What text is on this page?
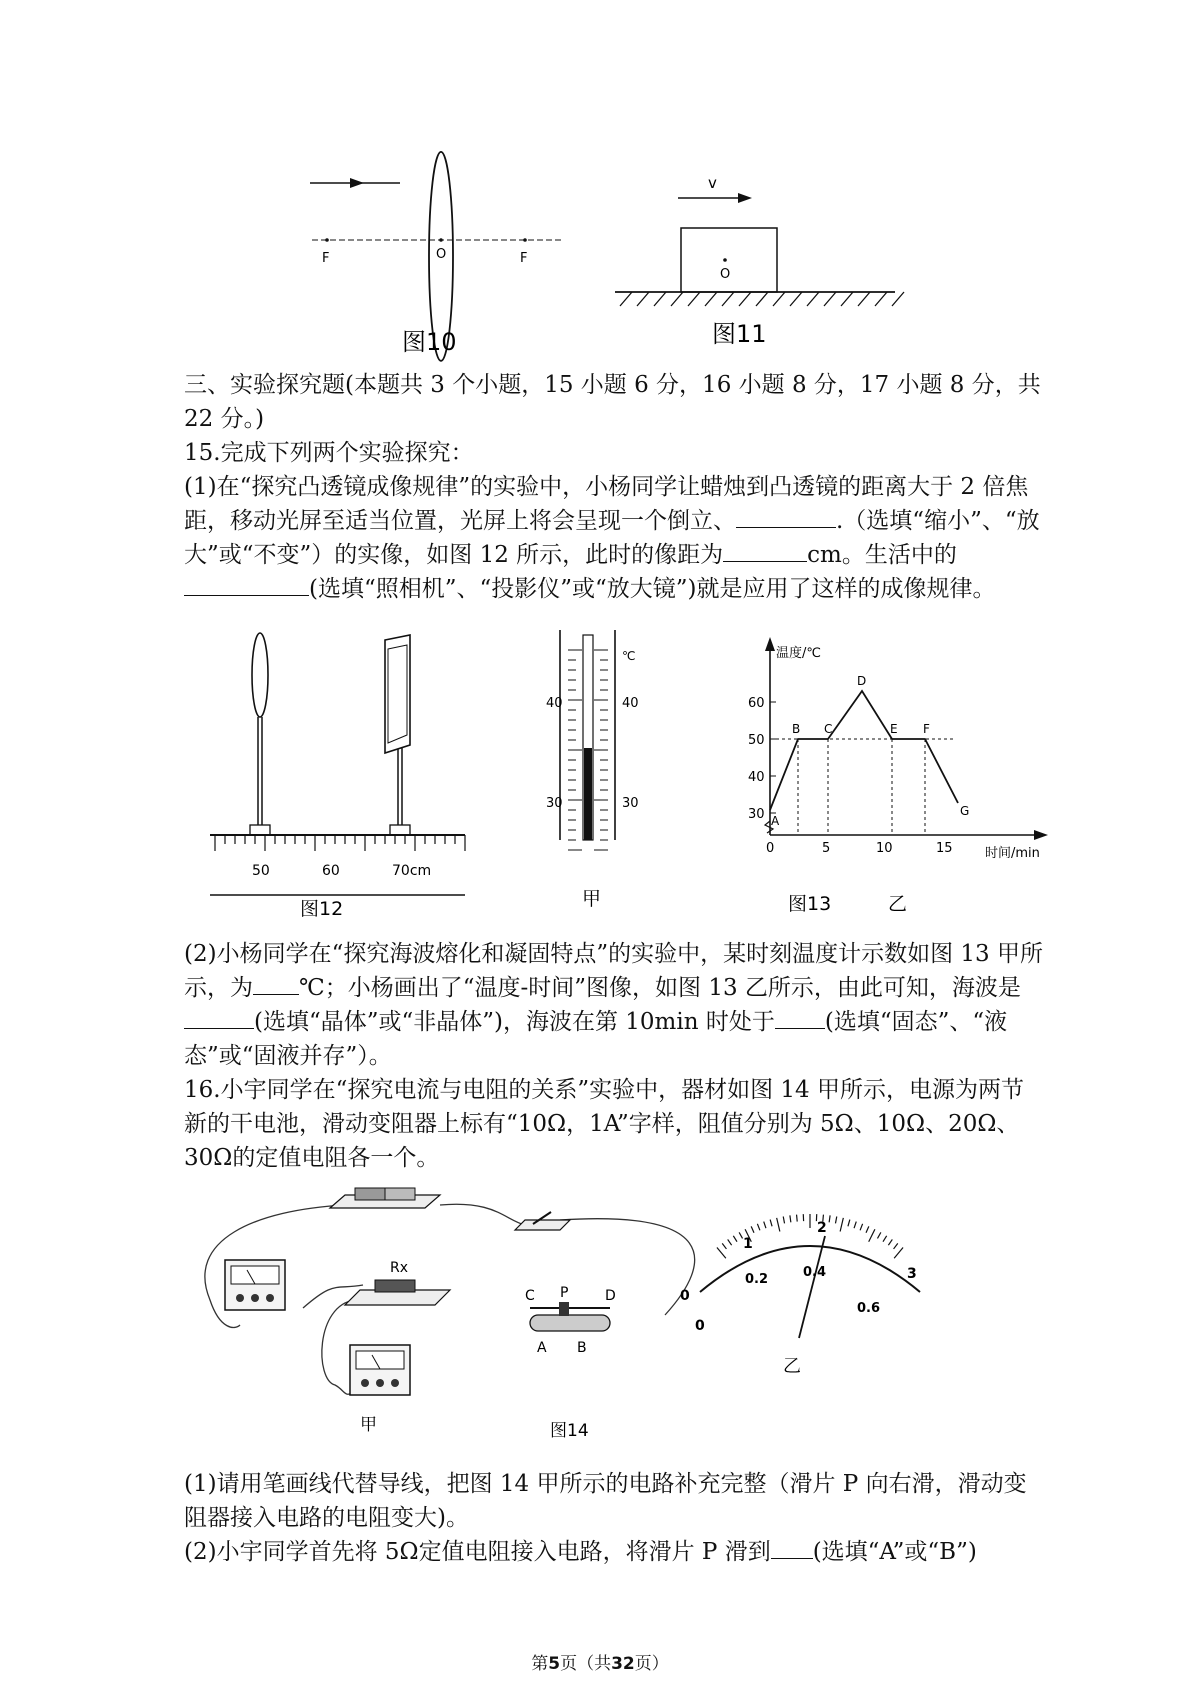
F	O	F
图10
v
O
图11

三、实验探究题(本题共 3 个小题，15 小题 6 分，16 小题 8 分，17 小题 8 分，共 22 分。)

15.完成下列两个实验探究：

(1)在“探究凸透镜成像规律”的实验中，小杨同学让蜡烛到凸透镜的距离大于 2 倍焦距，移动光屏至适当位置，光屏上将会呈现一个倒立、	.（选填“缩小”、“放大”或“不变”）的实像，如图 12 所示，此时的像距为	cm。生活中的(选填“照相机”、“投影仪”或“放大镜”)就是应用了这样的成像规律。

50	60	70cm
图12
℃
40	40
30	30
甲
温度/℃
时间/min
60
50
40
30
0	5	10	15
A
B C
D
E F
G
图13	乙

(2)小杨同学在“探究海波熔化和凝固特点”的实验中，某时刻温度计示数如图 13 甲所示，为 ℃；小杨画出了“温度-时间”图像，如图 13 乙所示，由此可知，海波是(选填“晶体”或“非晶体”)，海波在第 10min 时处于 (选填“固态”、“液态”或“固液并存”）。

16.小宇同学在“探究电流与电阻的关系”实验中，器材如图 14 甲所示，电源为两节新的干电池，滑动变阻器上标有“10Ω，1A”字样，阻值分别为 5Ω、10Ω、20Ω、30Ω的定值电阻各一个。

Rx
C P	D
A B
0
1
2
3
0
0.2	0.4
0.6
乙
甲	图14

(1)请用笔画线代替导线，把图 14 甲所示的电路补充完整（滑片 P 向右滑，滑动变阻器接入电路的电阻变大)。

(2)小宇同学首先将 5Ω定值电阻接入电路，将滑片 P 滑到 (选填“A”或“B”)

第5页（共32页）
